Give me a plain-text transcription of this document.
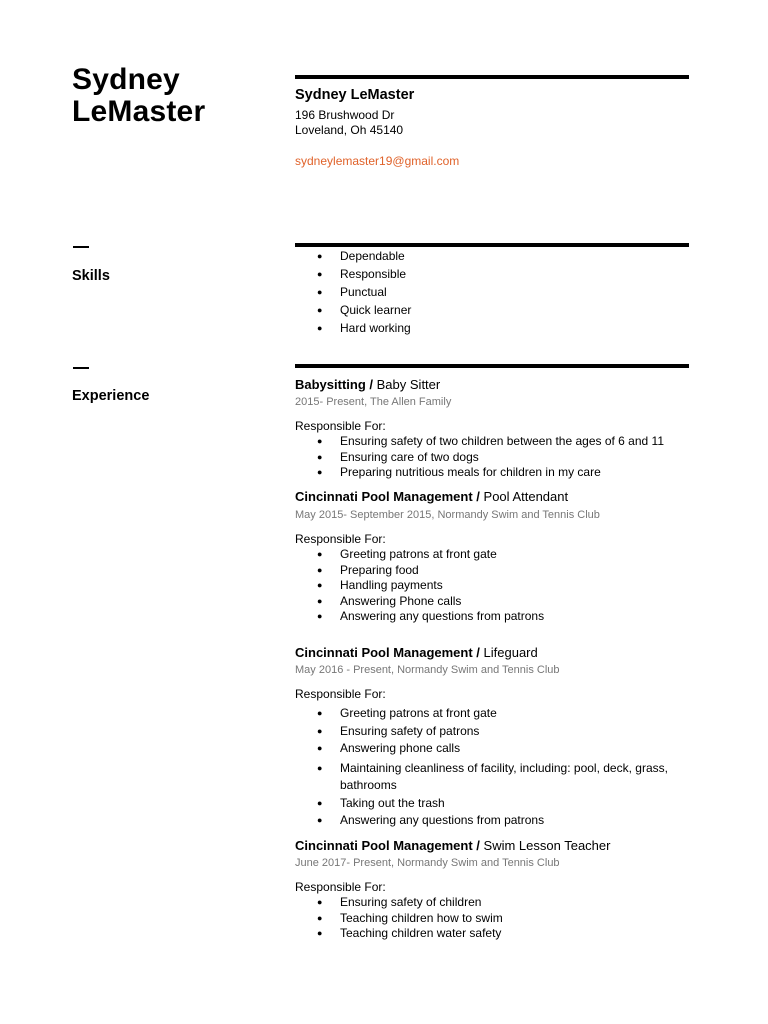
Sydney
LeMaster
Skills
Experience
Sydney LeMaster
196 Brushwood Dr
Loveland, Oh 45140
sydneylemaster19@gmail.com
● Dependable
● Responsible
● Punctual
● Quick learner
● Hard working
Babysitting / Baby Sitter
2015- Present, The Allen Family
Responsible For:
● Ensuring safety of two children between the ages of 6 and 11
● Ensuring care of two dogs
● Preparing nutritious meals for children in my care
Cincinnati Pool Management / Pool Attendant
May 2015- September 2015, Normandy Swim and Tennis Club
Responsible For:
● Greeting patrons at front gate
● Preparing food
● Handling payments
● Answering Phone calls
● Answering any questions from patrons
Cincinnati Pool Management / Lifeguard
May 2016 - Present, Normandy Swim and Tennis Club
Responsible For:
● Greeting patrons at front gate
● Ensuring safety of patrons
● Answering phone calls
● Maintaining cleanliness of facility, including: pool, deck, grass, bathrooms
● Taking out the trash
● Answering any questions from patrons
Cincinnati Pool Management / Swim Lesson Teacher
June 2017- Present, Normandy Swim and Tennis Club
Responsible For:
● Ensuring safety of children
● Teaching children how to swim
● Teaching children water safety
